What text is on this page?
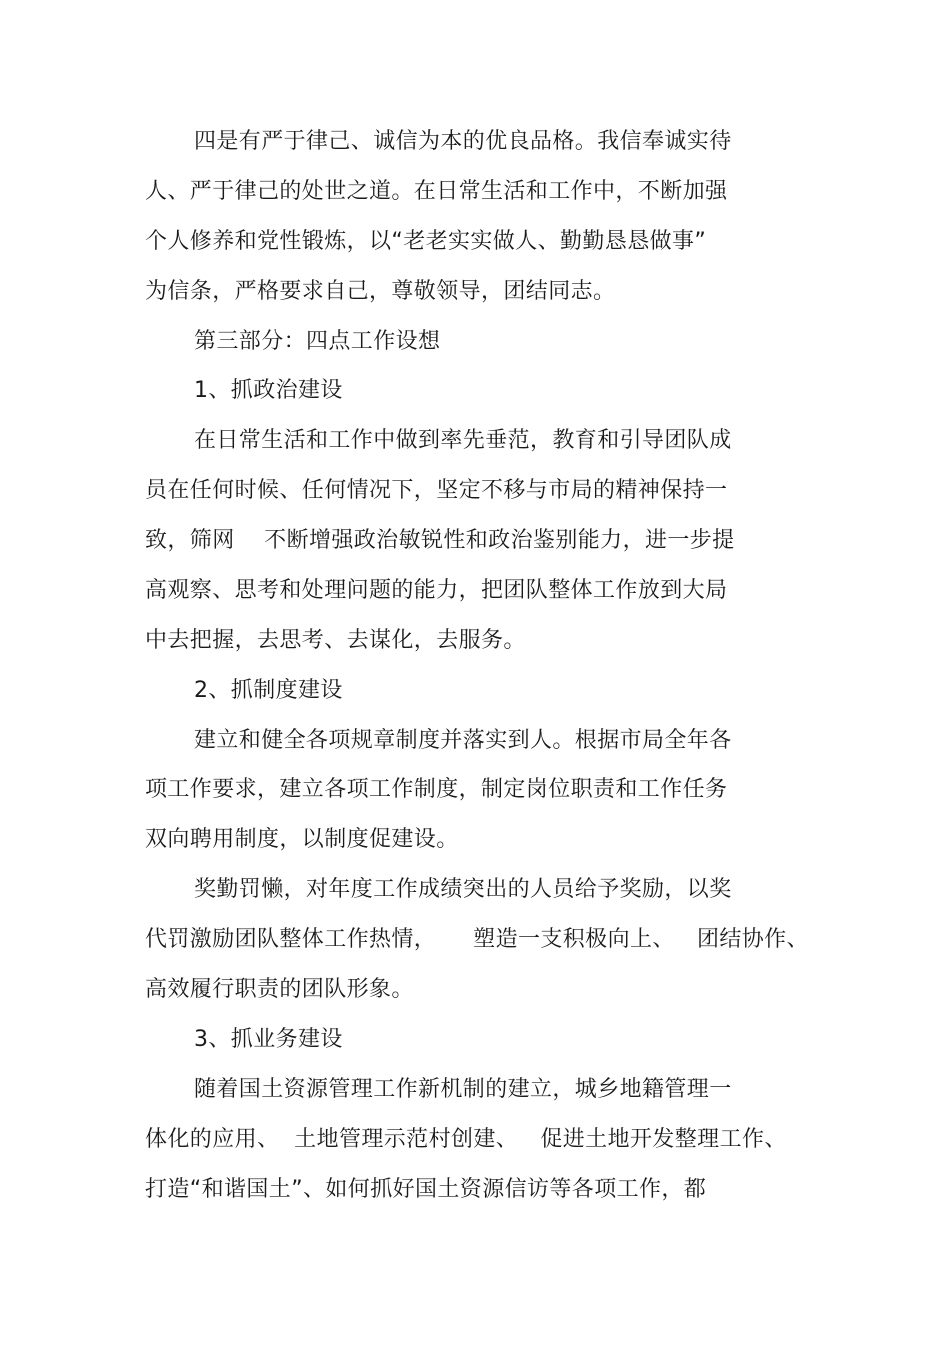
四是有严于律己、诚信为本的优良品格。我信奉诚实待
人、严于律己的处世之道。在日常生活和工作中，不断加强
个人修养和党性锻炼，以“老老实实做人、勤勤恳恳做事”
为信条，严格要求自己，尊敬领导，团结同志。
第三部分：四点工作设想
1、抓政治建设
在日常生活和工作中做到率先垂范，教育和引导团队成
员在任何时候、任何情况下，坚定不移与市局的精神保持一
致，筛网    不断增强政治敏锐性和政治鉴别能力，进一步提
高观察、思考和处理问题的能力，把团队整体工作放到大局
中去把握，去思考、去谋化，去服务。
2、抓制度建设
建立和健全各项规章制度并落实到人。根据市局全年各
项工作要求，建立各项工作制度，制定岗位职责和工作任务
双向聘用制度，以制度促建设。
奖勤罚懒，对年度工作成绩突出的人员给予奖励，以奖
代罚激励团队整体工作热情，     塑造一支积极向上、   团结协作、
高效履行职责的团队形象。
3、抓业务建设
随着国土资源管理工作新机制的建立，城乡地籍管理一
体化的应用、  土地管理示范村创建、   促进土地开发整理工作、
打造“和谐国土”、如何抓好国土资源信访等各项工作，都
